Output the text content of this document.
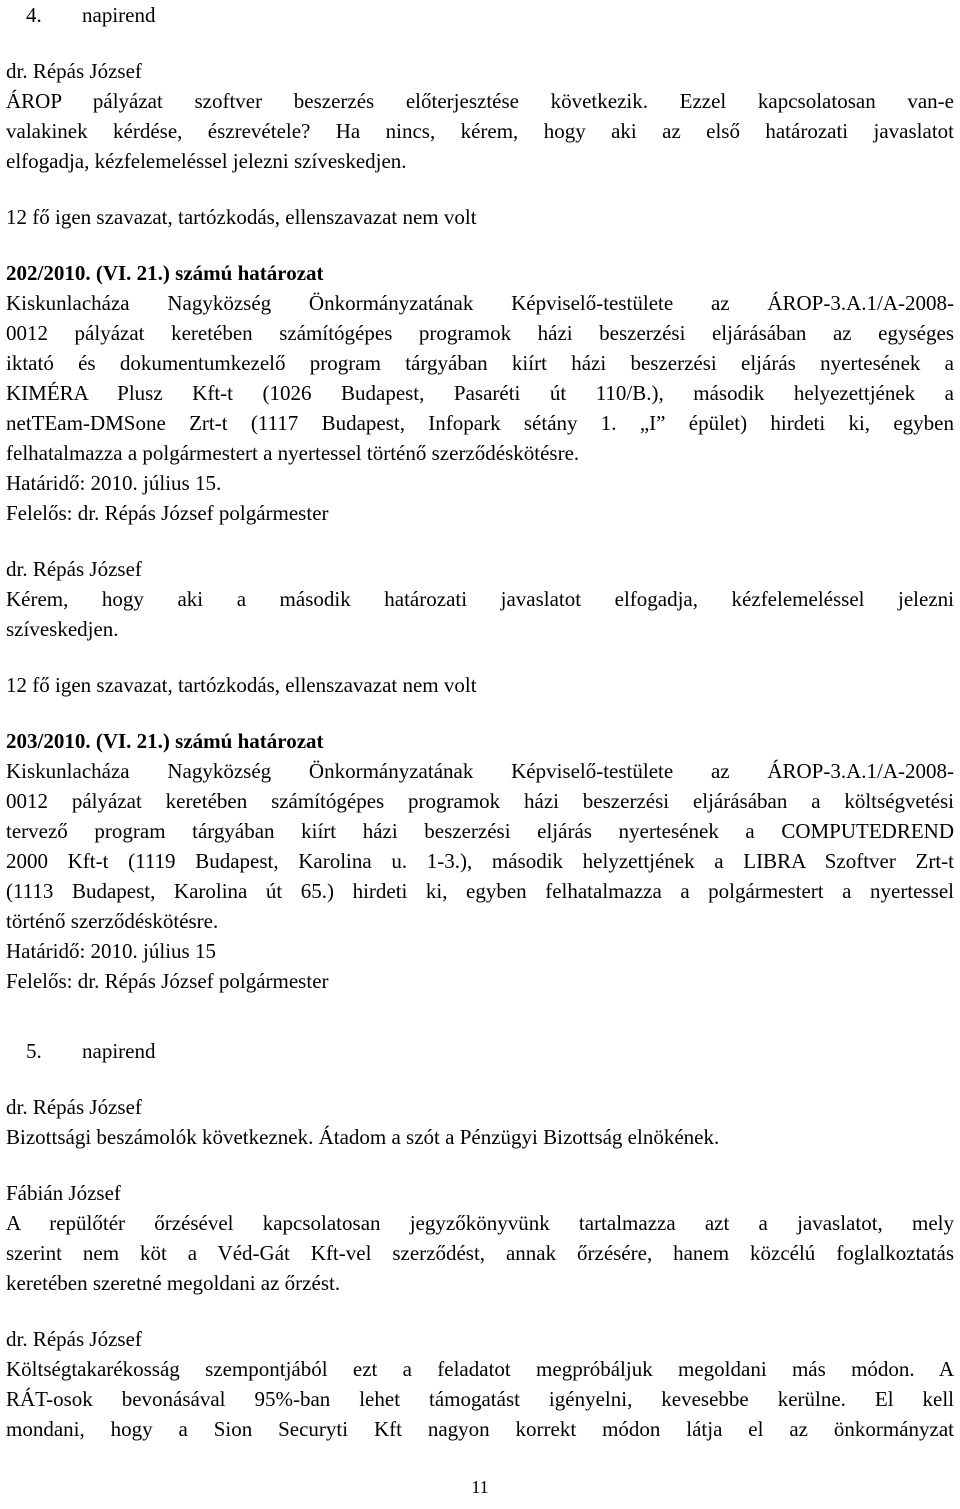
4. napirend

dr. Répás József

ÁROP pályázat szoftver beszerzés előterjesztése következik. Ezzel kapcsolatosan van-e

valakinek kérdése, észrevétele? Ha nincs, kérem, hogy aki az első határozati javaslatot

elfogadja, kézfelemeléssel jelezni szíveskedjen.

12 fő igen szavazat, tartózkodás, ellenszavazat nem volt

202/2010. (VI. 21.) számú határozat

Kiskunlacháza Nagyközség Önkormányzatának Képviselő-testülete az ÁROP-3.A.1/A-2008-

0012 pályázat keretében számítógépes programok házi beszerzési eljárásában az egységes

iktató és dokumentumkezelő program tárgyában kiírt házi beszerzési eljárás nyertesének a

KIMÉRA Plusz Kft-t (1026 Budapest, Pasaréti út 110/B.), második helyezettjének a

netTEam-DMSone Zrt-t (1117 Budapest, Infopark sétány 1. „I” épület) hirdeti ki, egyben

felhatalmazza a polgármestert a nyertessel történő szerződéskötésre.

Határidő: 2010. július 15.

Felelős: dr. Répás József polgármester

dr. Répás József

Kérem, hogy aki a második határozati javaslatot elfogadja, kézfelemeléssel jelezni

szíveskedjen.

12 fő igen szavazat, tartózkodás, ellenszavazat nem volt

203/2010. (VI. 21.) számú határozat

Kiskunlacháza Nagyközség Önkormányzatának Képviselő-testülete az ÁROP-3.A.1/A-2008-

0012 pályázat keretében számítógépes programok házi beszerzési eljárásában a költségvetési

tervező program tárgyában kiírt házi beszerzési eljárás nyertesének a COMPUTEDREND

2000 Kft-t (1119 Budapest, Karolina u. 1-3.), második helyzettjének a LIBRA Szoftver Zrt-t

(1113 Budapest, Karolina út 65.) hirdeti ki, egyben felhatalmazza a polgármestert a nyertessel

történő szerződéskötésre.

Határidő: 2010. július 15

Felelős: dr. Répás József polgármester

5. napirend

dr. Répás József

Bizottsági beszámolók következnek. Átadom a szót a Pénzügyi Bizottság elnökének.

Fábián József

A repülőtér őrzésével kapcsolatosan jegyzőkönyvünk tartalmazza azt a javaslatot, mely

szerint nem köt a Véd-Gát Kft-vel szerződést, annak őrzésére, hanem közcélú foglalkoztatás

keretében szeretné megoldani az őrzést.

dr. Répás József

Költségtakarékosság szempontjából ezt a feladatot megpróbáljuk megoldani más módon. A

RÁT-osok bevonásával 95%-ban lehet támogatást igényelni, kevesebbe kerülne. El kell

mondani, hogy a Sion Securyti Kft nagyon korrekt módon látja el az önkormányzat

11
